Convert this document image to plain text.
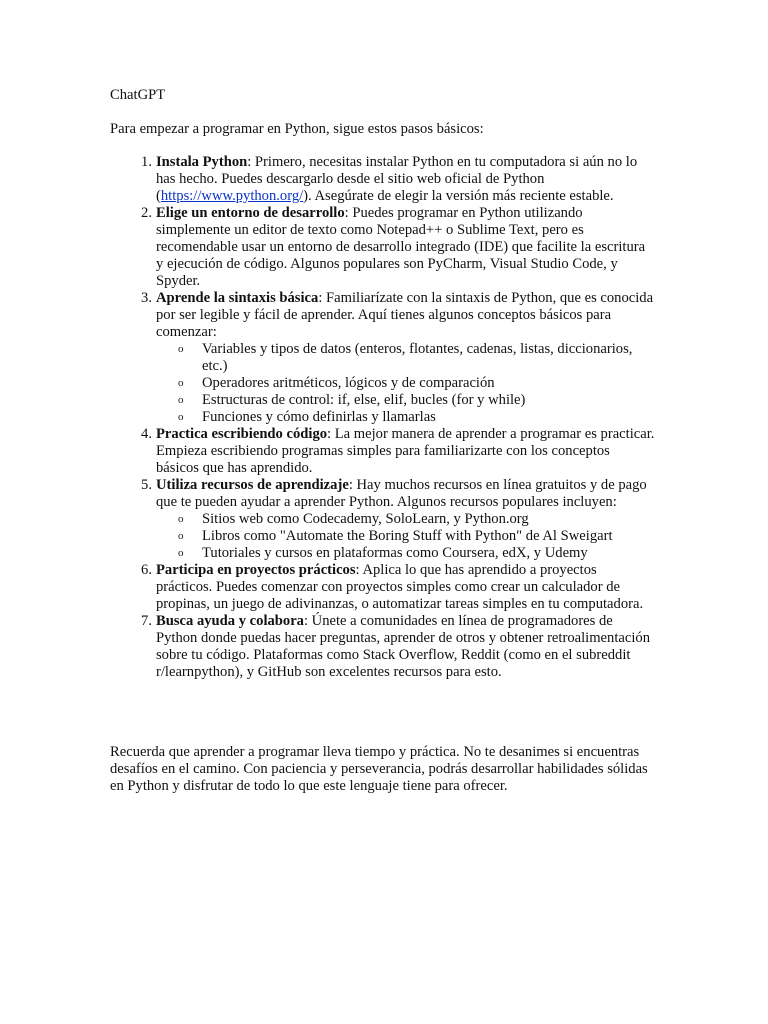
ChatGPT

Para empezar a programar en Python, sigue estos pasos básicos:

1. Instala Python: Primero, necesitas instalar Python en tu computadora si aún no lo has hecho. Puedes descargarlo desde el sitio web oficial de Python (https://www.python.org/). Asegúrate de elegir la versión más reciente estable.
2. Elige un entorno de desarrollo: Puedes programar en Python utilizando simplemente un editor de texto como Notepad++ o Sublime Text, pero es recomendable usar un entorno de desarrollo integrado (IDE) que facilite la escritura y ejecución de código. Algunos populares son PyCharm, Visual Studio Code, y Spyder.
3. Aprende la sintaxis básica: Familiarízate con la sintaxis de Python, que es conocida por ser legible y fácil de aprender. Aquí tienes algunos conceptos básicos para comenzar:
o Variables y tipos de datos (enteros, flotantes, cadenas, listas, diccionarios, etc.)
o Operadores aritméticos, lógicos y de comparación
o Estructuras de control: if, else, elif, bucles (for y while)
o Funciones y cómo definirlas y llamarlas
4. Practica escribiendo código: La mejor manera de aprender a programar es practicar. Empieza escribiendo programas simples para familiarizarte con los conceptos básicos que has aprendido.
5. Utiliza recursos de aprendizaje: Hay muchos recursos en línea gratuitos y de pago que te pueden ayudar a aprender Python. Algunos recursos populares incluyen:
o Sitios web como Codecademy, SoloLearn, y Python.org
o Libros como "Automate the Boring Stuff with Python" de Al Sweigart
o Tutoriales y cursos en plataformas como Coursera, edX, y Udemy
6. Participa en proyectos prácticos: Aplica lo que has aprendido a proyectos prácticos. Puedes comenzar con proyectos simples como crear un calculador de propinas, un juego de adivinanzas, o automatizar tareas simples en tu computadora.
7. Busca ayuda y colabora: Únete a comunidades en línea de programadores de Python donde puedas hacer preguntas, aprender de otros y obtener retroalimentación sobre tu código. Plataformas como Stack Overflow, Reddit (como en el subreddit r/learnpython), y GitHub son excelentes recursos para esto.

Recuerda que aprender a programar lleva tiempo y práctica. No te desanimes si encuentras desafíos en el camino. Con paciencia y perseverancia, podrás desarrollar habilidades sólidas en Python y disfrutar de todo lo que este lenguaje tiene para ofrecer.
